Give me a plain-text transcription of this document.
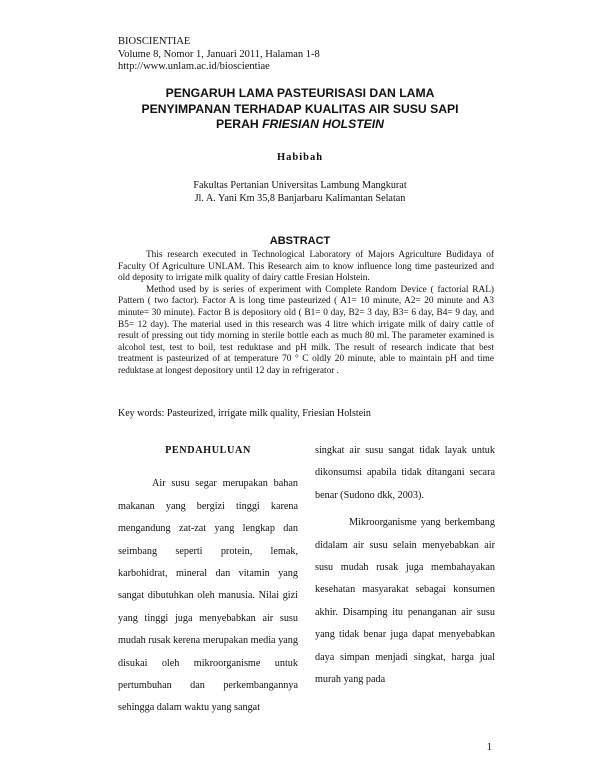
BIOSCIENTIAE
Volume 8, Nomor 1, Januari 2011, Halaman 1-8
http://www.unlam.ac.id/bioscientiae
PENGARUH LAMA PASTEURISASI DAN LAMA
PENYIMPANAN TERHADAP KUALITAS AIR SUSU SAPI
PERAH FRIESIAN HOLSTEIN
Habibah
Fakultas Pertanian Universitas Lambung Mangkurat
Jl. A. Yani Km 35,8 Banjarbaru Kalimantan Selatan
ABSTRACT

This research executed in Technological Laboratory of Majors Agriculture Budidaya of Faculty Of Agriculture UNLAM. This Research aim to know influence long time pasteurized and old deposity to irrigate milk quality of dairy cattle Fresian Holstein.

Method used by is series of experiment with Complete Random Device ( factorial RAL) Pattern ( two factor). Factor A is long time pasteurized ( A1= 10 minute, A2= 20 minute and A3 minute= 30 minute). Factor B is depository old ( B1= 0 day, B2= 3 day, B3= 6 day, B4= 9 day, and B5= 12 day). The material used in this research was 4 litre which irrigate milk of dairy cattle of result of pressing out tidy morning in sterile bottle each as much 80 ml. The parameter examined is alcohol test, test to boil, test reduktase and pH milk. The result of research indicate that best treatment is pasteurized of at temperature 70 ° C oldly 20 minute, able to maintain pH and time reduktase at longest depository until 12 day in refrigerator .

Key words: Pasteurized, irrigate milk quality, Friesian Holstein
PENDAHULUAN

Air susu segar merupakan bahan makanan yang bergizi tinggi karena mengandung zat-zat yang lengkap dan seimbang seperti protein, lemak, karbohidrat, mineral dan vitamin yang sangat dibutuhkan oleh manusia. Nilai gizi yang tinggi juga menyebabkan air susu mudah rusak kerena merupakan media yang disukai oleh mikroorganisme untuk pertumbuhan dan perkembangannya sehingga dalam waktu yang sangat

singkat air susu sangat tidak layak untuk dikonsumsi apabila tidak ditangani secara benar (Sudono dkk, 2003).

Mikroorganisme yang berkembang didalam air susu selain menyebabkan air susu mudah rusak juga membahayakan kesehatan masyarakat sebagai konsumen akhir. Disamping itu penanganan air susu yang tidak benar juga dapat menyebabkan daya simpan menjadi singkat, harga jual murah yang pada

1
